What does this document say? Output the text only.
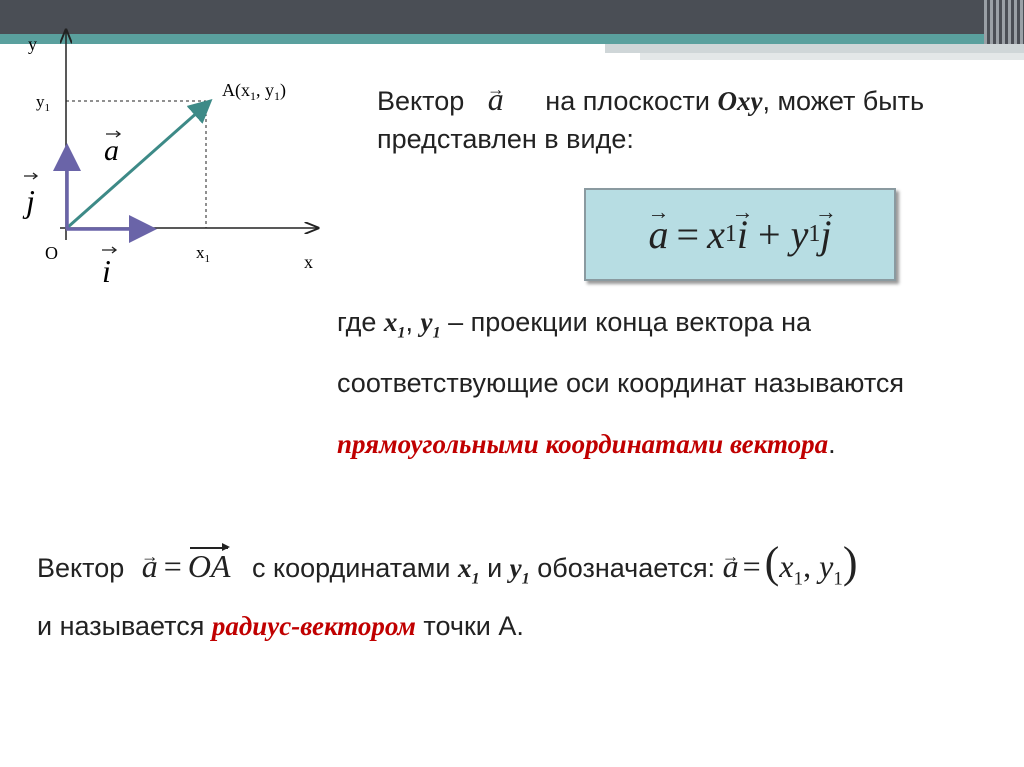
y
x
O
$y_1$
$x_1$
$A(x_1$, $y_1$)
a
j
i
Вектор → a на плоскости Oxy, может быть
представлен в виде:
→ a = x 1 → i + y 1 → j
где $x_1$, $y_1$ – проекции конца вектора на
соответствующие оси координат называются
прямоугольными координатами вектора.
Вектор → a = OA с координатами $x_1$ и $y_1$ обозначается: → $a =(x_1$, $y_1$)
и называется радиус-вектором точки А.
